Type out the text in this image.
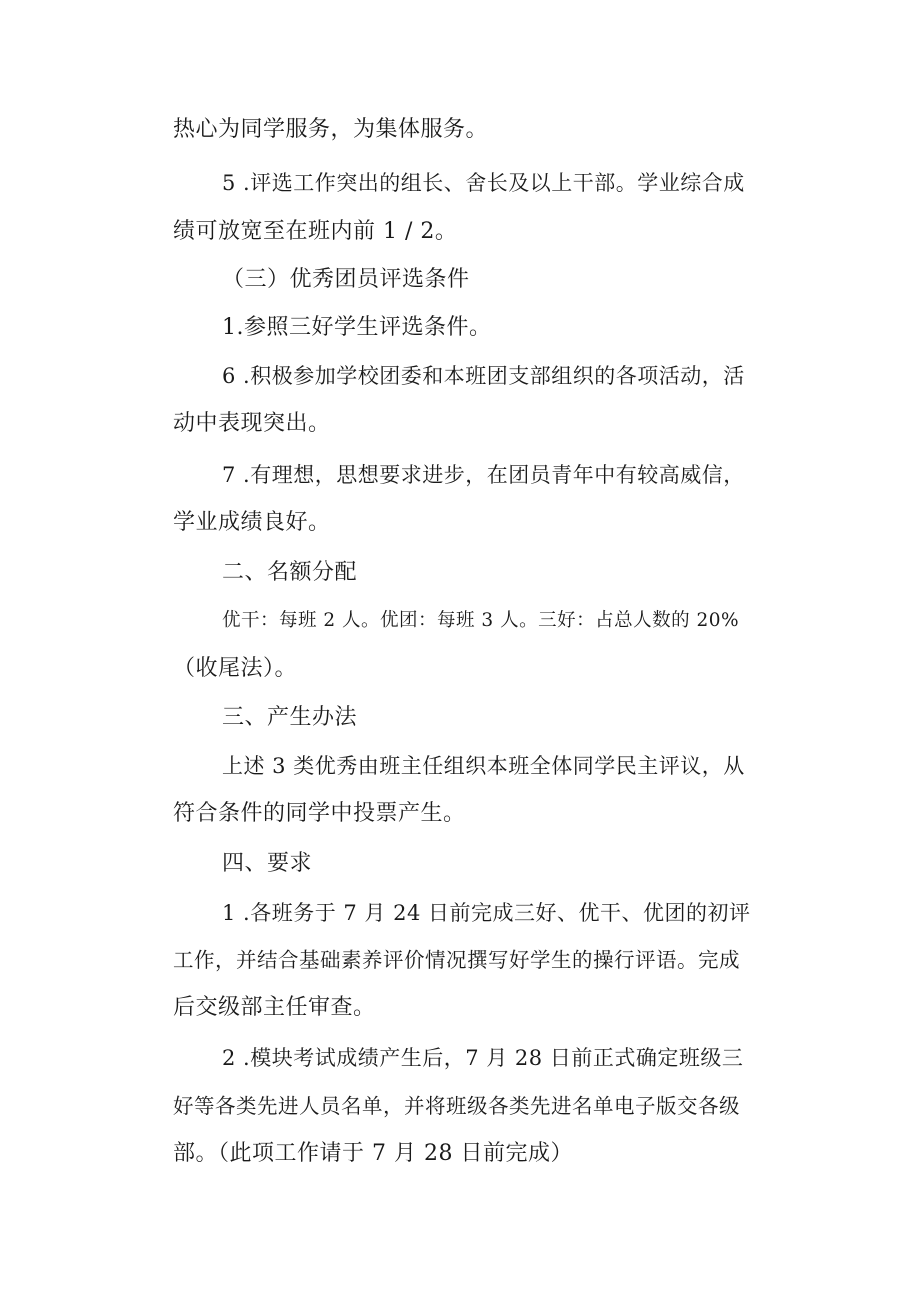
热心为同学服务，为集体服务。
5 .评选工作突出的组长、舍长及以上干部。学业综合成
绩可放宽至在班内前 1 / 2。
（三）优秀团员评选条件
1.参照三好学生评选条件。
6 .积极参加学校团委和本班团支部组织的各项活动，活
动中表现突出。
7 .有理想，思想要求进步，在团员青年中有较高威信，
学业成绩良好。
二、名额分配
优干：每班 2 人。优团：每班 3 人。三好：占总人数的 20%
（收尾法）。
三、产生办法
上述 3 类优秀由班主任组织本班全体同学民主评议，从
符合条件的同学中投票产生。
四、要求
1 .各班务于 7 月 24 日前完成三好、优干、优团的初评
工作，并结合基础素养评价情况撰写好学生的操行评语。完成
后交级部主任审查。
2 .模块考试成绩产生后，7 月 28 日前正式确定班级三
好等各类先进人员名单，并将班级各类先进名单电子版交各级
部。（此项工作请于 7 月 28 日前完成）
